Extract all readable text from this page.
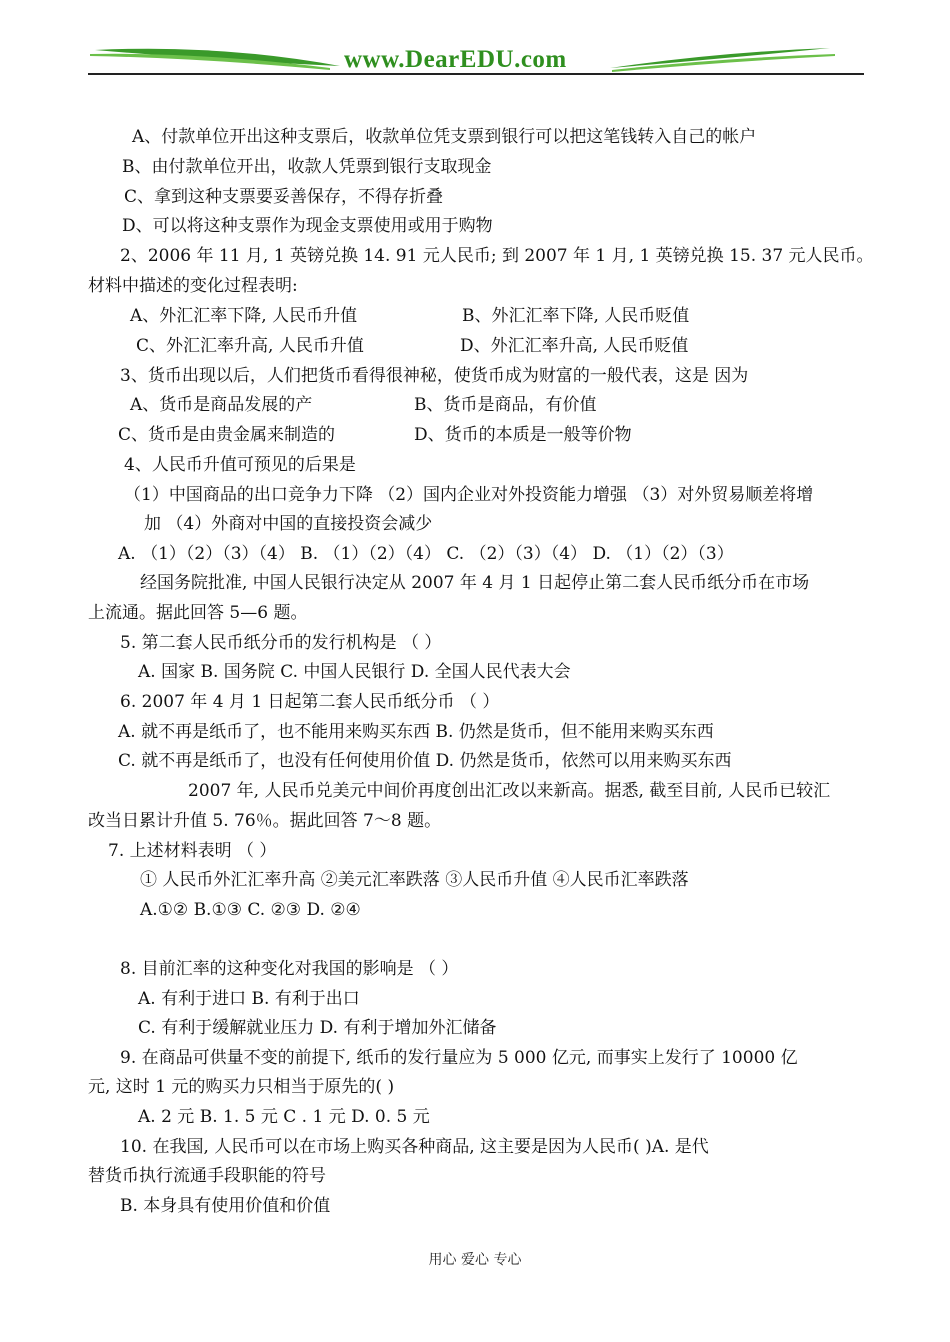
www.DearEDU.com
A、付款单位开出这种支票后，收款单位凭支票到银行可以把这笔钱转入自己的帐户
B、由付款单位开出，收款人凭票到银行支取现金
C、拿到这种支票要妥善保存，不得存折叠
D、可以将这种支票作为现金支票使用或用于购物
2、2006 年 11 月, 1 英镑兑换 14. 91 元人民币; 到 2007 年 1 月, 1 英镑兑换 15. 37 元人民币。
材料中描述的变化过程表明:
A、外汇汇率下降, 人民币升值	B、外汇汇率下降, 人民币贬值
C、外汇汇率升高, 人民币升值	D、外汇汇率升高, 人民币贬值
3、货币出现以后，人们把货币看得很神秘，使货币成为财富的一般代表，这是 因为
A、货币是商品发展的产	B、货币是商品，有价值
C、货币是由贵金属来制造的	D、货币的本质是一般等价物
4、人民币升值可预见的后果是
（1）中国商品的出口竞争力下降 （2）国内企业对外投资能力增强 （3）对外贸易顺差将增
加 （4）外商对中国的直接投资会减少
A. （1）（2）（3）（4） B. （1）（2）（4） C. （2）（3）（4） D. （1）（2）（3）
经国务院批准, 中国人民银行决定从 2007 年 4 月 1 日起停止第二套人民币纸分币在市场
上流通。据此回答 5—6 题。
5. 第二套人民币纸分币的发行机构是 （ ）
A. 国家 B. 国务院 C. 中国人民银行 D. 全国人民代表大会
6. 2007 年 4 月 1 日起第二套人民币纸分币 （ ）
A. 就不再是纸币了，也不能用来购买东西 B. 仍然是货币，但不能用来购买东西
C. 就不再是纸币了，也没有任何使用价值 D. 仍然是货币，依然可以用来购买东西
2007 年, 人民币兑美元中间价再度创出汇改以来新高。据悉, 截至目前, 人民币已较汇
改当日累计升值 5. 76％。据此回答 7～8 题。
7. 上述材料表明 （ ）
① 人民币外汇汇率升高 ②美元汇率跌落 ③人民币升值 ④人民币汇率跌落
A.①② B.①③ C. ②③ D. ②④
8. 目前汇率的这种变化对我国的影响是 （ ）
A. 有利于进口 B. 有利于出口
C. 有利于缓解就业压力 D. 有利于增加外汇储备
9. 在商品可供量不变的前提下, 纸币的发行量应为 5 000 亿元, 而事实上发行了 10000 亿
元, 这时 1 元的购买力只相当于原先的( )
A. 2 元 B. 1. 5 元 C . 1 元 D. 0. 5 元
10. 在我国, 人民币可以在市场上购买各种商品, 这主要是因为人民币( )A. 是代
替货币执行流通手段职能的符号
B. 本身具有使用价值和价值
用心 爱心 专心
